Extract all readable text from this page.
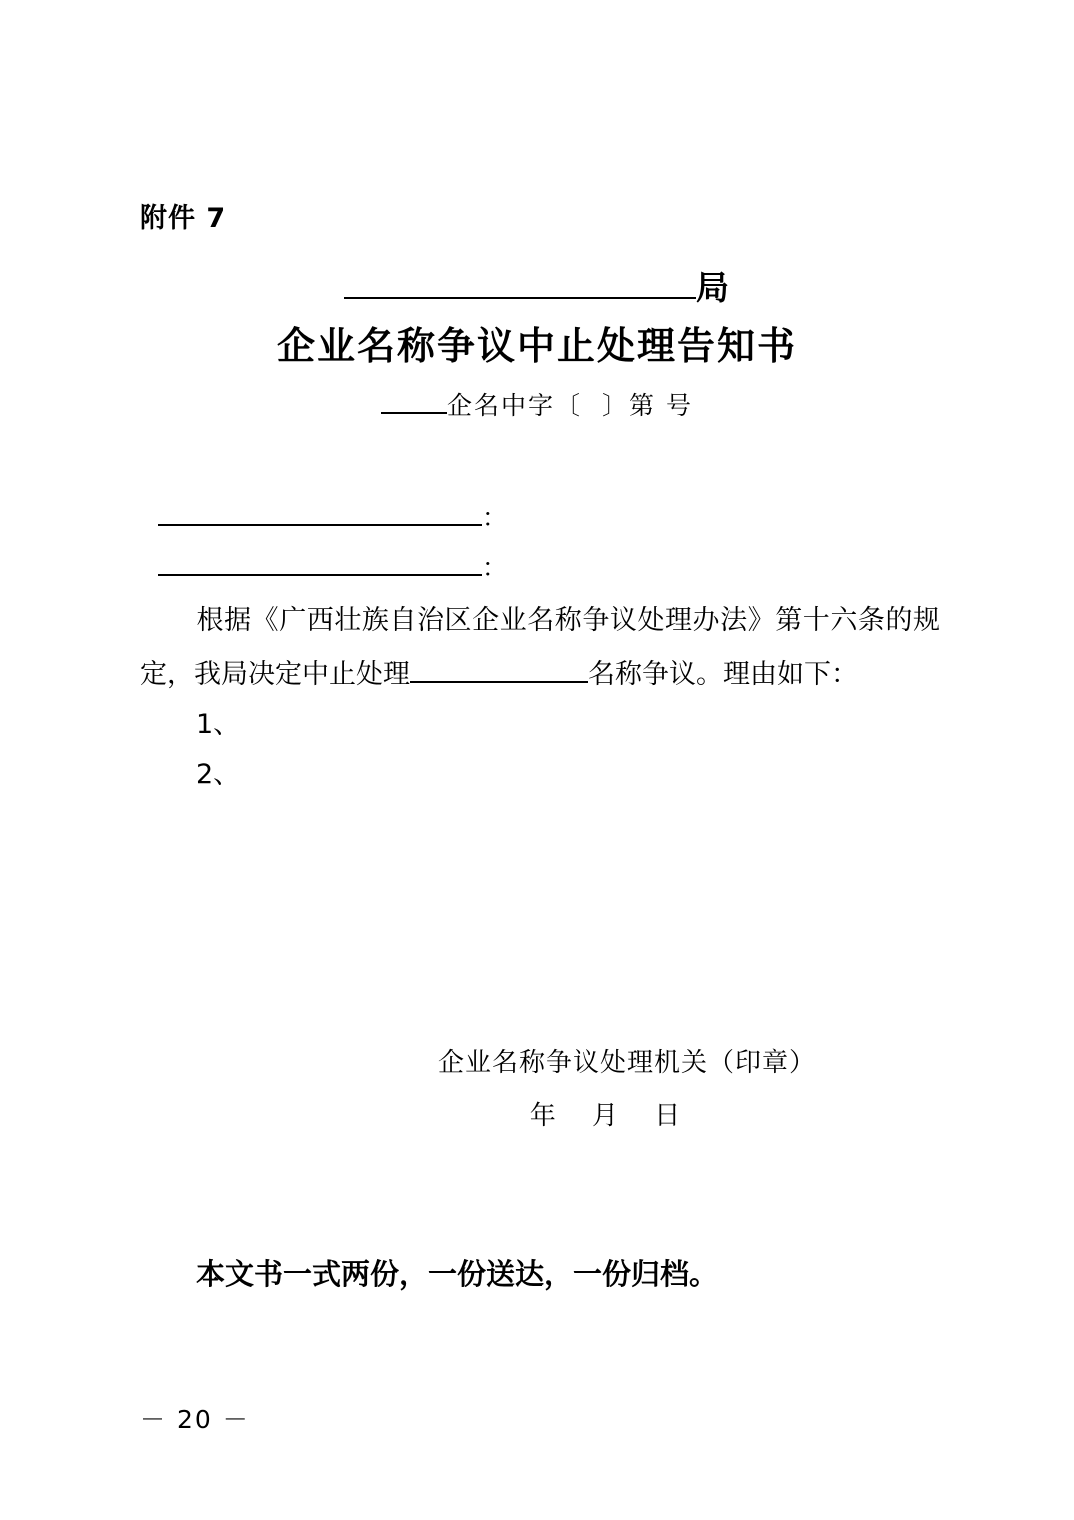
附件 7
局
企业名称争议中止处理告知书
企名中字〔 〕第 号
：
：
根据《广西壮族自治区企业名称争议处理办法》第十六条的规定，我局决定中止处理	名称争议。理由如下：
1、
2、
企业名称争议处理机关（印章）
年 月 日
本文书一式两份，一份送达，一份归档。
－ 20 －
